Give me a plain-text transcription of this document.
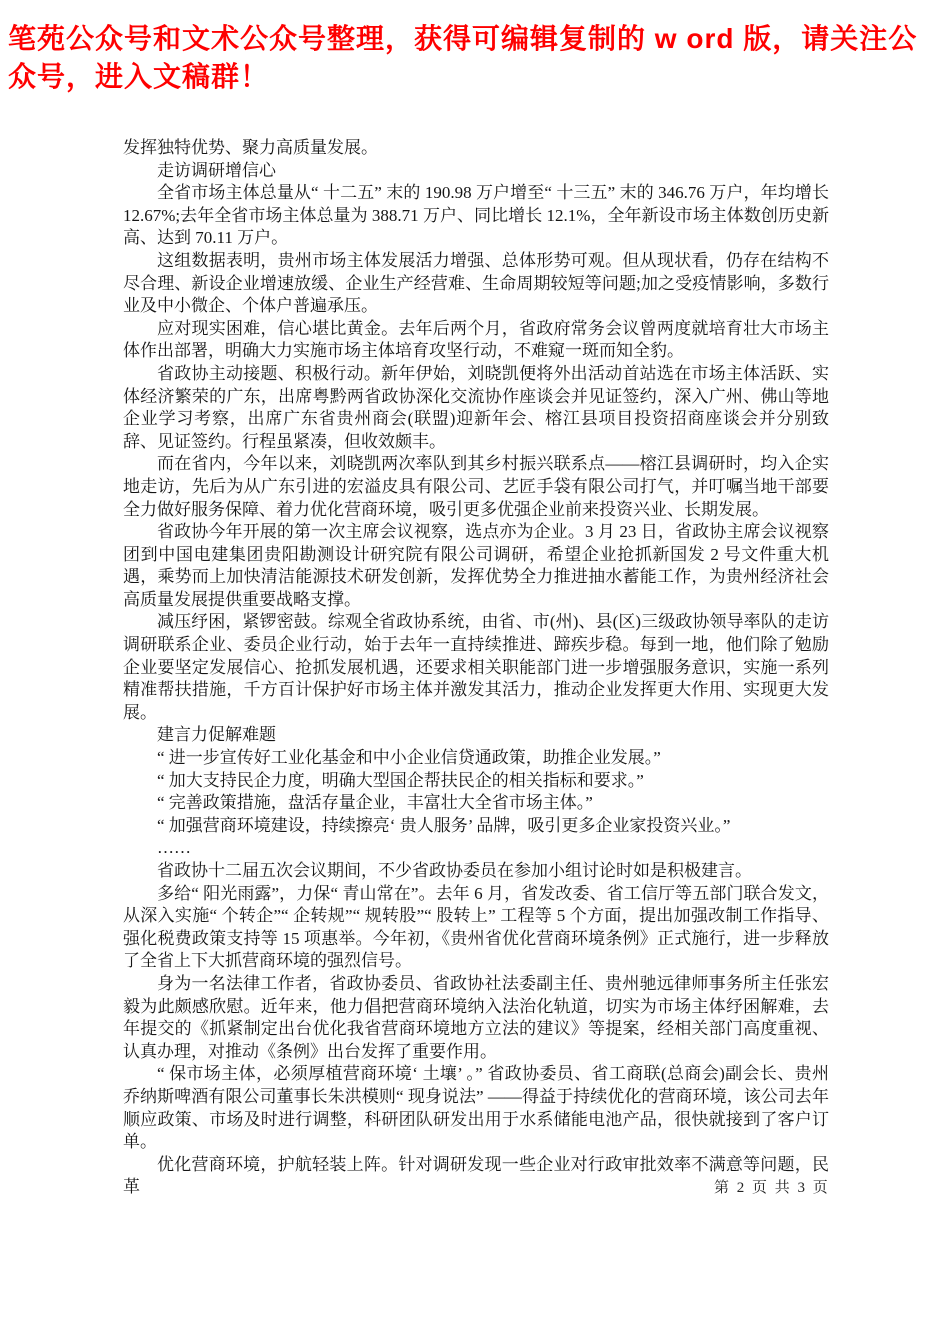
笔苑公众号和文术公众号整理，获得可编辑复制的 w ord 版，请关注公众号，进入文稿群！

发挥独特优势、聚力高质量发展。

走访调研增信心

全省市场主体总量从“ 十二五” 末的 190.98 万户增至“ 十三五” 末的 346.76 万户，年均增长 12.67%;去年全省市场主体总量为 388.71 万户、同比增长 12.1%，全年新设市场主体数创历史新高、达到 70.11 万户。

这组数据表明，贵州市场主体发展活力增强、总体形势可观。但从现状看，仍存在结构不尽合理、新设企业增速放缓、企业生产经营难、生命周期较短等问题;加之受疫情影响，多数行业及中小微企、个体户普遍承压。

应对现实困难，信心堪比黄金。去年后两个月，省政府常务会议曾两度就培育壮大市场主体作出部署，明确大力实施市场主体培育攻坚行动，不难窥一斑而知全豹。

省政协主动接题、积极行动。新年伊始，刘晓凯便将外出活动首站选在市场主体活跃、实体经济繁荣的广东，出席粤黔两省政协深化交流协作座谈会并见证签约，深入广州、佛山等地企业学习考察，出席广东省贵州商会(联盟)迎新年会、榕江县项目投资招商座谈会并分别致辞、见证签约。行程虽紧凑，但收效颇丰。

而在省内，今年以来，刘晓凯两次率队到其乡村振兴联系点——榕江县调研时，均入企实地走访，先后为从广东引进的宏溢皮具有限公司、艺匠手袋有限公司打气，并叮嘱当地干部要全力做好服务保障、着力优化营商环境，吸引更多优强企业前来投资兴业、长期发展。

省政协今年开展的第一次主席会议视察，选点亦为企业。3 月 23 日，省政协主席会议视察团到中国电建集团贵阳勘测设计研究院有限公司调研，希望企业抢抓新国发 2 号文件重大机遇，乘势而上加快清洁能源技术研发创新，发挥优势全力推进抽水蓄能工作，为贵州经济社会高质量发展提供重要战略支撑。

减压纾困，紧锣密鼓。综观全省政协系统，由省、市(州)、县(区)三级政协领导率队的走访调研联系企业、委员企业行动，始于去年一直持续推进、蹄疾步稳。每到一地，他们除了勉励企业要坚定发展信心、抢抓发展机遇，还要求相关职能部门进一步增强服务意识，实施一系列精准帮扶措施，千方百计保护好市场主体并激发其活力，推动企业发挥更大作用、实现更大发展。

建言力促解难题

“ 进一步宣传好工业化基金和中小企业信贷通政策，助推企业发展。”

“ 加大支持民企力度，明确大型国企帮扶民企的相关指标和要求。”

“ 完善政策措施，盘活存量企业，丰富壮大全省市场主体。”

“ 加强营商环境建设，持续擦亮‘ 贵人服务’ 品牌，吸引更多企业家投资兴业。”

……

省政协十二届五次会议期间，不少省政协委员在参加小组讨论时如是积极建言。

多给“ 阳光雨露”，力保“ 青山常在”。去年 6 月，省发改委、省工信厅等五部门联合发文，从深入实施“ 个转企”“ 企转规”“ 规转股”“ 股转上” 工程等 5 个方面，提出加强改制工作指导、强化税费政策支持等 15 项惠举。今年初，《贵州省优化营商环境条例》正式施行，进一步释放了全省上下大抓营商环境的强烈信号。

身为一名法律工作者，省政协委员、省政协社法委副主任、贵州驰远律师事务所主任张宏毅为此颇感欣慰。近年来，他力倡把营商环境纳入法治化轨道，切实为市场主体纾困解难，去年提交的《抓紧制定出台优化我省营商环境地方立法的建议》等提案，经相关部门高度重视、认真办理，对推动《条例》出台发挥了重要作用。

“ 保市场主体，必须厚植营商环境‘ 土壤’ 。” 省政协委员、省工商联(总商会)副会长、贵州乔纳斯啤酒有限公司董事长朱洪模则“ 现身说法” ——得益于持续优化的营商环境，该公司去年顺应政策、市场及时进行调整，科研团队研发出用于水系储能电池产品，很快就接到了客户订单。

优化营商环境，护航轻装上阵。针对调研发现一些企业对行政审批效率不满意等问题，民革	第 2 页 共 3 页
